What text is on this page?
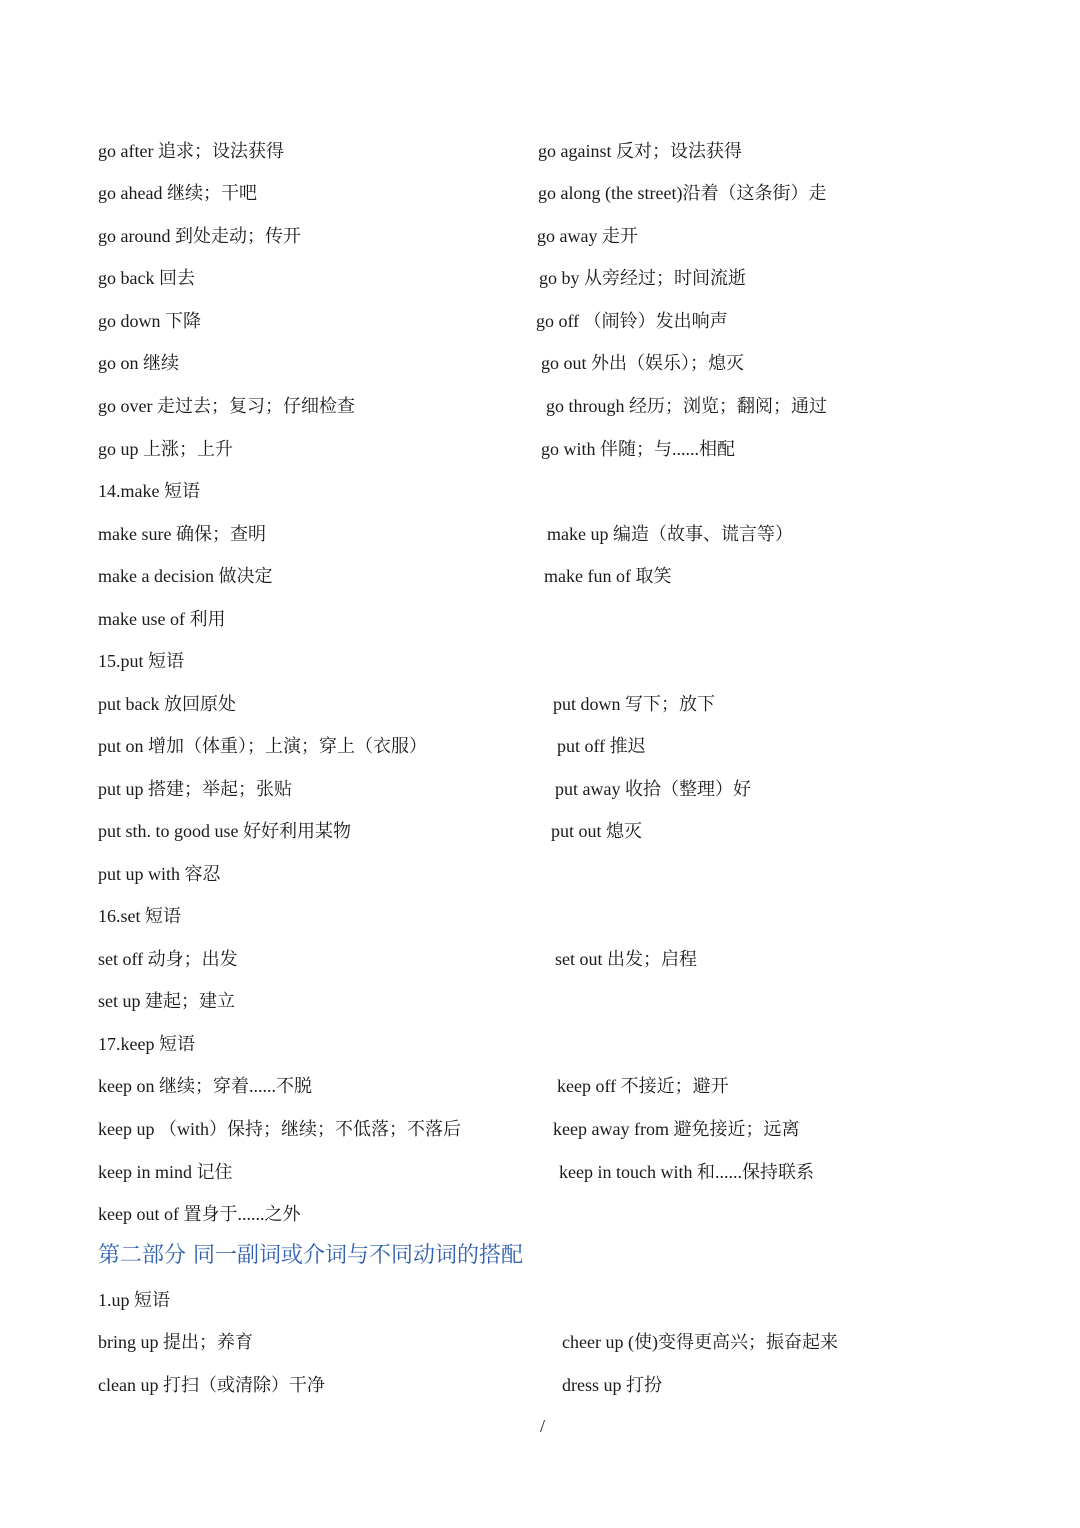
go after 追求；设法获得	go against 反对；设法获得
go ahead 继续；干吧	go along (the street)沿着（这条街）走
go around 到处走动；传开	go away 走开
go back 回去	go by 从旁经过；时间流逝
go down 下降	go off （闹铃）发出响声
go on 继续	go out 外出（娱乐）；熄灭
go over 走过去；复习；仔细检查	go through 经历；浏览；翻阅；通过
go up 上涨；上升	go with 伴随；与......相配
14.make 短语
make sure 确保；查明	make up 编造（故事、谎言等）
make a decision 做决定	make fun of 取笑
make use of 利用
15.put 短语
put back 放回原处	put down 写下；放下
put on 增加（体重）；上演；穿上（衣服）	put off 推迟
put up 搭建；举起；张贴	put away 收拾（整理）好
put sth. to good use 好好利用某物	put out 熄灭
put up with 容忍
16.set 短语
set off 动身；出发	set out 出发；启程
set up 建起；建立
17.keep 短语
keep on 继续；穿着......不脱	keep off 不接近；避开
keep up （with）保持；继续；不低落；不落后	keep away from 避免接近；远离
keep in mind 记住	keep in touch with 和......保持联系
keep out of 置身于......之外
第二部分 同一副词或介词与不同动词的搭配
1.up 短语
bring up 提出；养育	cheer up (使)变得更高兴；振奋起来
clean up 打扫（或清除）干净	dress up 打扮
/
